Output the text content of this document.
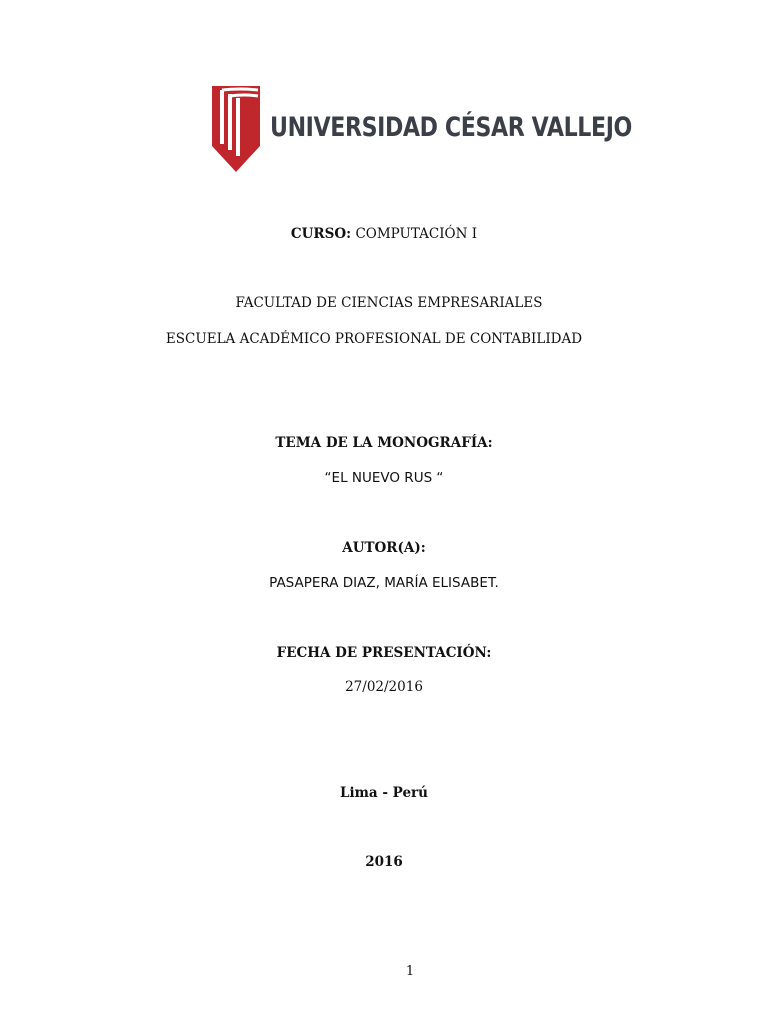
UNIVERSIDAD CÉSAR VALLEJO
CURSO: COMPUTACIÓN I
FACULTAD DE CIENCIAS EMPRESARIALES
ESCUELA ACADÉMICO PROFESIONAL DE CONTABILIDAD
TEMA DE LA MONOGRAFÍA:
“EL NUEVO RUS “
AUTOR(A):
PASAPERA DIAZ, MARÍA ELISABET.
FECHA DE PRESENTACIÓN:
27/02/2016
Lima - Perú
2016
1
